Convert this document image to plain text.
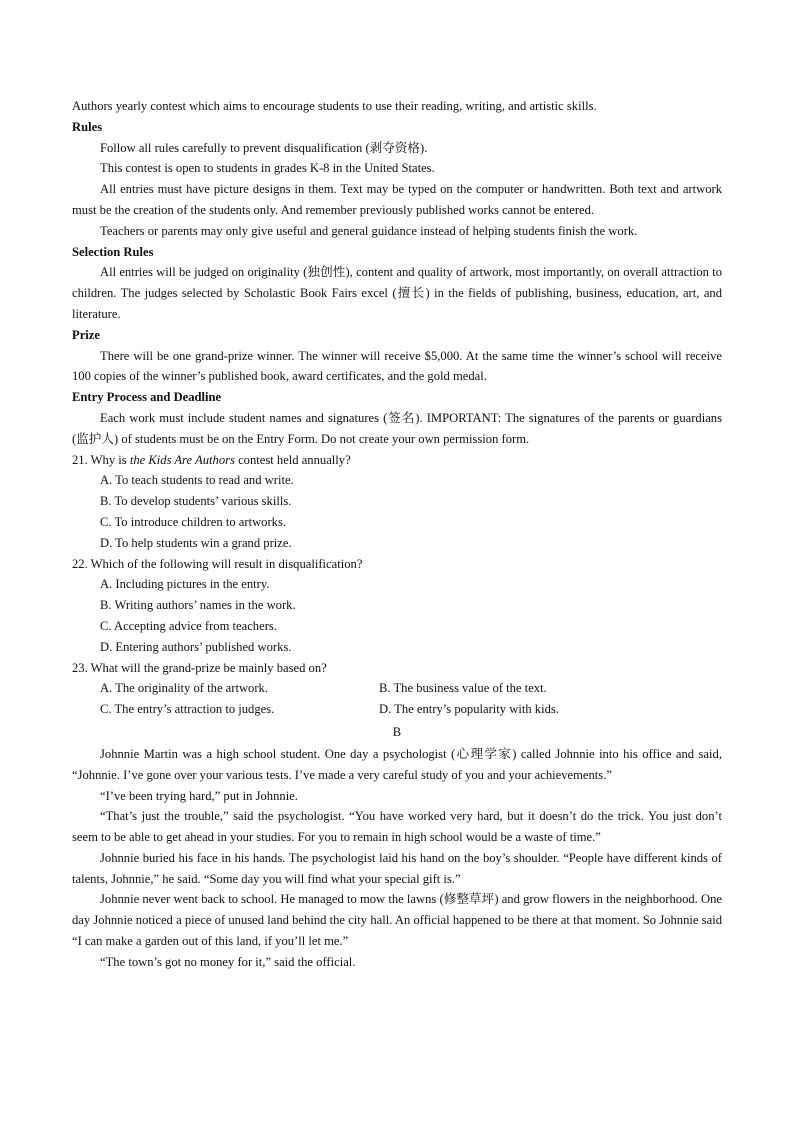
Authors yearly contest which aims to encourage students to use their reading, writing, and artistic skills.
Rules

Follow all rules carefully to prevent disqualification (剥夺资格).

This contest is open to students in grades K-8 in the United States.

All entries must have picture designs in them. Text may be typed on the computer or handwritten. Both text and artwork must be the creation of the students only. And remember previously published works cannot be entered.

Teachers or parents may only give useful and general guidance instead of helping students finish the work.

Selection Rules

All entries will be judged on originality (独创性), content and quality of artwork, most importantly, on overall attraction to children. The judges selected by Scholastic Book Fairs excel (擅长) in the fields of publishing, business, education, art, and literature.

Prize

There will be one grand-prize winner. The winner will receive $5,000. At the same time the winner’s school will receive 100 copies of the winner’s published book, award certificates, and the gold medal.

Entry Process and Deadline

Each work must include student names and signatures (签名). IMPORTANT: The signatures of the parents or guardians (监护人) of students must be on the Entry Form. Do not create your own permission form.

21. Why is the Kids Are Authors contest held annually?
A. To teach students to read and write.
B. To develop students’ various skills.
C. To introduce children to artworks.
D. To help students win a grand prize.
22. Which of the following will result in disqualification?
A. Including pictures in the entry.
B. Writing authors’ names in the work.
C. Accepting advice from teachers.
D. Entering authors’ published works.
23. What will the grand-prize be mainly based on?
A. The originality of the artwork.	B. The business value of the text.
C. The entry’s attraction to judges.	D. The entry’s popularity with kids.
B

Johnnie Martin was a high school student. One day a psychologist (心理学家) called Johnnie into his office and said, “Johnnie. I’ve gone over your various tests. I’ve made a very careful study of you and your achievements.”

“I’ve been trying hard,” put in Johnnie.

“That’s just the trouble,” said the psychologist. “You have worked very hard, but it doesn’t do the trick. You just don’t seem to be able to get ahead in your studies. For you to remain in high school would be a waste of time.”

Johnnie buried his face in his hands. The psychologist laid his hand on the boy’s shoulder. “People have different kinds of talents, Johnnie,” he said. “Some day you will find what your special gift is.”

Johnnie never went back to school. He managed to mow the lawns (修整草坪) and grow flowers in the neighborhood. One day Johnnie noticed a piece of unused land behind the city hall. An official happened to be there at that moment. So Johnnie said “I can make a garden out of this land, if you’ll let me.”

“The town’s got no money for it,” said the official.
